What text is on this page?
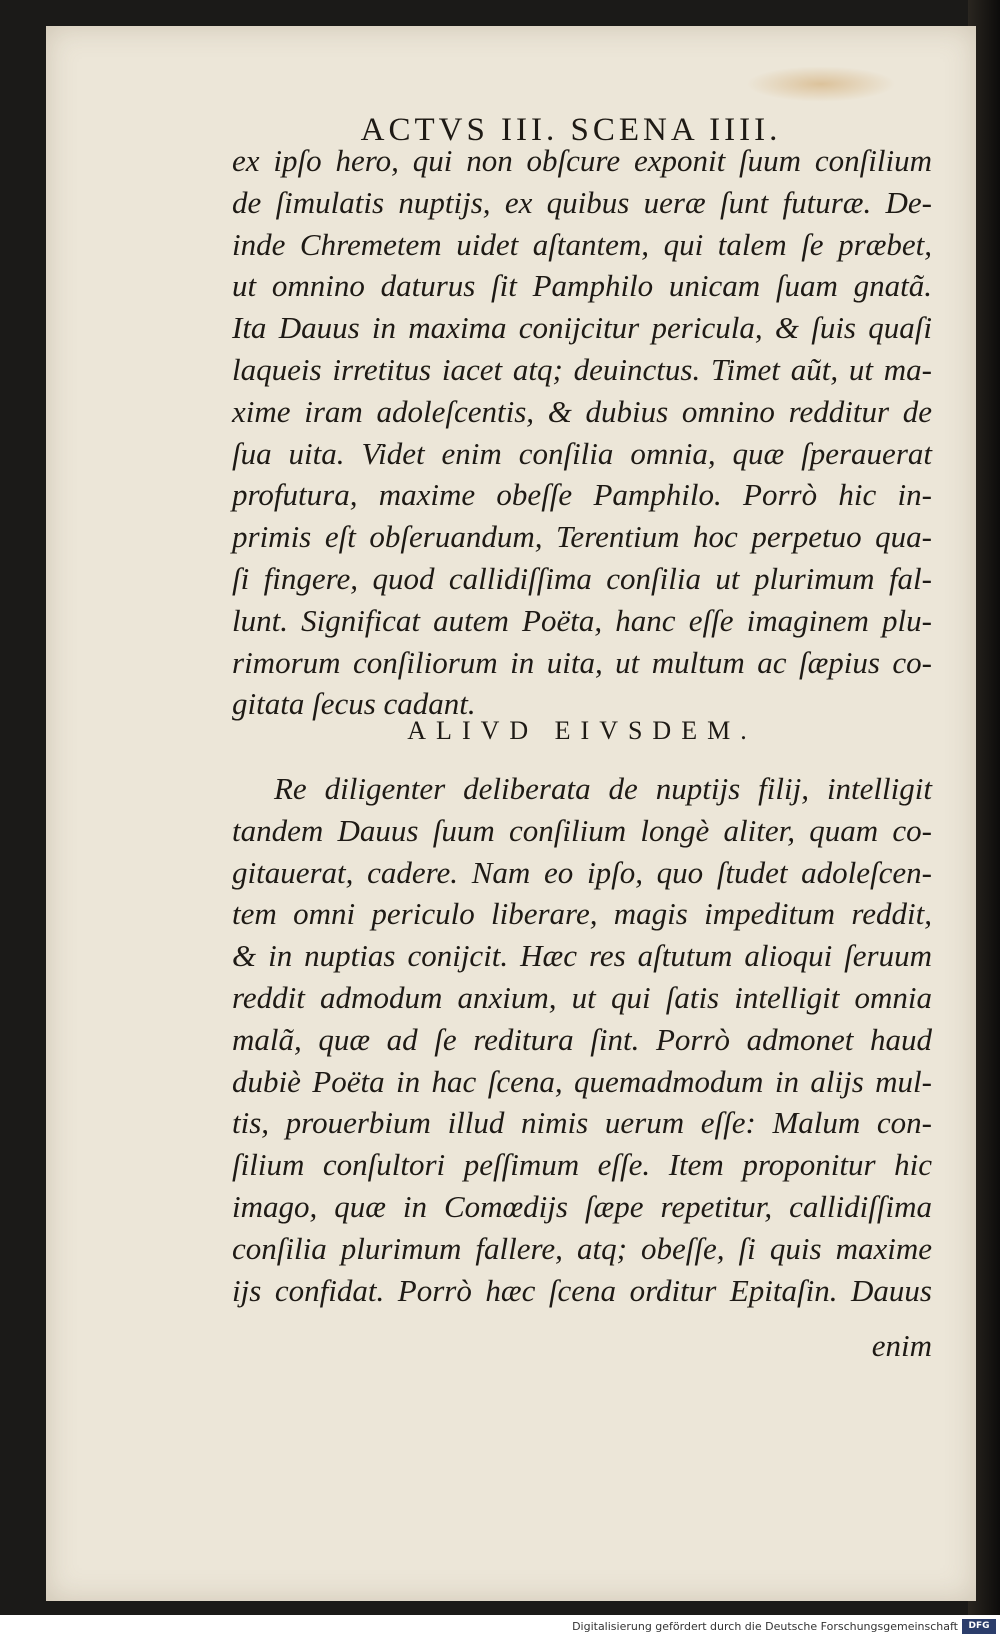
ACTVS III. SCENA IIII.
ex ipſo hero, qui non obſcure exponit ſuum conſilium
de ſimulatis nuptijs, ex quibus ueræ ſunt futuræ. De-
inde Chremetem uidet aſtantem, qui talem ſe præbet,
ut omnino daturus ſit Pamphilo unicam ſuam gnatã.
Ita Dauus in maxima conijcitur pericula, & ſuis quaſi
laqueis irretitus iacet atq; deuinctus. Timet aũt, ut ma-
xime iram adoleſcentis, & dubius omnino redditur de
ſua uita. Videt enim conſilia omnia, quæ ſperauerat
profutura, maxime obeſſe Pamphilo. Porrò hic in-
primis eſt obſeruandum, Terentium hoc perpetuo qua-
ſi fingere, quod callidiſſima conſilia ut plurimum fal-
lunt. Significat autem Poëta, hanc eſſe imaginem plu-
rimorum conſiliorum in uita, ut multum ac ſæpius co-
gitata ſecus cadant.
ALIVD EIVSDEM.
Re diligenter deliberata de nuptijs filij, intelligit
tandem Dauus ſuum conſilium longè aliter, quam co-
gitauerat, cadere. Nam eo ipſo, quo ſtudet adoleſcen-
tem omni periculo liberare, magis impeditum reddit,
& in nuptias conijcit. Hæc res aſtutum alioqui ſeruum
reddit admodum anxium, ut qui ſatis intelligit omnia
malã, quæ ad ſe reditura ſint. Porrò admonet haud
dubiè Poëta in hac ſcena, quemadmodum in alijs mul-
tis, prouerbium illud nimis uerum eſſe: Malum con-
ſilium conſultori peſſimum eſſe. Item proponitur hic
imago, quæ in Comœdijs ſæpe repetitur, callidiſſima
conſilia plurimum fallere, atq; obeſſe, ſi quis maxime
ijs confidat. Porrò hæc ſcena orditur Epitaſin. Dauus
enim
Digitalisierung gefördert durch die Deutsche Forschungsgemeinschaft	DFG
